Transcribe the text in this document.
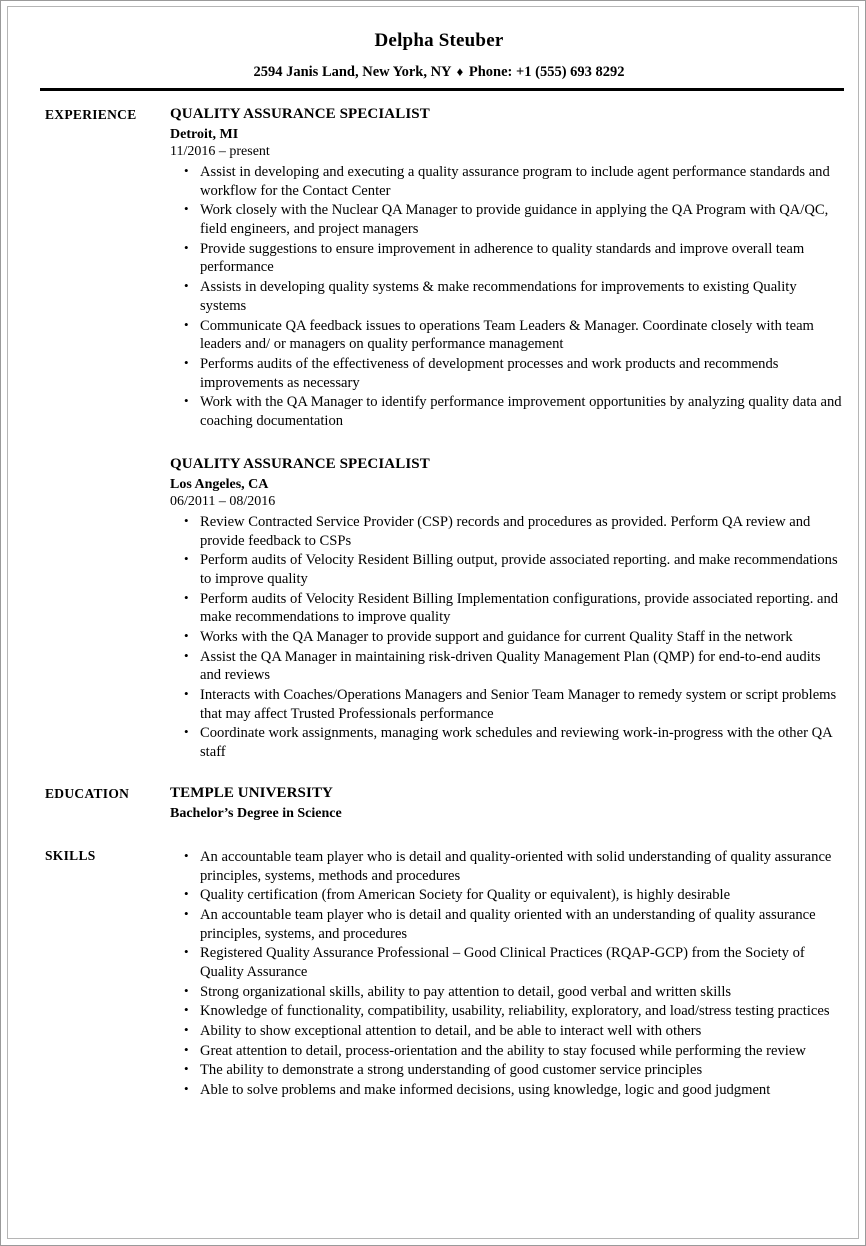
Delpha Steuber
2594 Janis Land, New York, NY ♦ Phone: +1 (555) 693 8292
EXPERIENCE	QUALITY ASSURANCE SPECIALIST
Detroit, MI
11/2016 – present
• Assist in developing and executing a quality assurance program to include agent performance standards and workflow for the Contact Center
• Work closely with the Nuclear QA Manager to provide guidance in applying the QA Program with QA/QC, field engineers, and project managers
• Provide suggestions to ensure improvement in adherence to quality standards and improve overall team performance
• Assists in developing quality systems & make recommendations for improvements to existing Quality systems
• Communicate QA feedback issues to operations Team Leaders & Manager. Coordinate closely with team leaders and/ or managers on quality performance management
• Performs audits of the effectiveness of development processes and work products and recommends improvements as necessary
• Work with the QA Manager to identify performance improvement opportunities by analyzing quality data and coaching documentation
QUALITY ASSURANCE SPECIALIST
Los Angeles, CA
06/2011 – 08/2016
• Review Contracted Service Provider (CSP) records and procedures as provided. Perform QA review and provide feedback to CSPs
• Perform audits of Velocity Resident Billing output, provide associated reporting. and make recommendations to improve quality
• Perform audits of Velocity Resident Billing Implementation configurations, provide associated reporting. and make recommendations to improve quality
• Works with the QA Manager to provide support and guidance for current Quality Staff in the network
• Assist the QA Manager in maintaining risk-driven Quality Management Plan (QMP) for end-to-end audits and reviews
• Interacts with Coaches/Operations Managers and Senior Team Manager to remedy system or script problems that may affect Trusted Professionals performance
• Coordinate work assignments, managing work schedules and reviewing work-in-progress with the other QA staff
EDUCATION	TEMPLE UNIVERSITY
Bachelor’s Degree in Science
SKILLS	• An accountable team player who is detail and quality-oriented with solid understanding of quality assurance principles, systems, methods and procedures
• Quality certification (from American Society for Quality or equivalent), is highly desirable
• An accountable team player who is detail and quality oriented with an understanding of quality assurance principles, systems, and procedures
• Registered Quality Assurance Professional – Good Clinical Practices (RQAP-GCP) from the Society of Quality Assurance
• Strong organizational skills, ability to pay attention to detail, good verbal and written skills
• Knowledge of functionality, compatibility, usability, reliability, exploratory, and load/stress testing practices
• Ability to show exceptional attention to detail, and be able to interact well with others
• Great attention to detail, process-orientation and the ability to stay focused while performing the review
• The ability to demonstrate a strong understanding of good customer service principles
• Able to solve problems and make informed decisions, using knowledge, logic and good judgment
